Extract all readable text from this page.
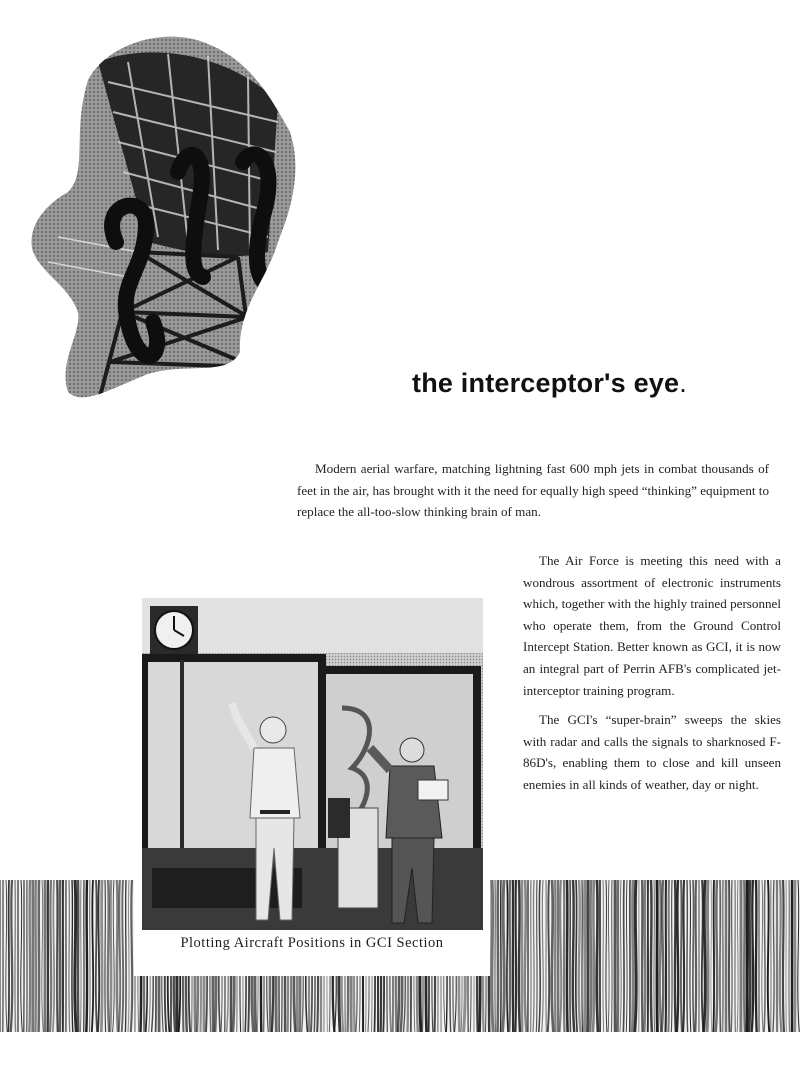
the interceptor's eye.

Modern aerial warfare, matching lightning fast 600 mph jets in combat thousands of feet in the air, has brought with it the need for equally high speed “thinking” equipment to replace the all-too-slow thinking brain of man.

The Air Force is meeting this need with a wondrous assortment of electronic instruments which, together with the highly trained personnel who operate them, from the Ground Control Intercept Station. Better known as GCI, it is now an integral part of Perrin AFB's complicated jet-interceptor training program.

The GCI's “super-brain” sweeps the skies with radar and calls the signals to sharknosed F-86D's, enabling them to close and kill unseen enemies in all kinds of weather, day or night.

Plotting Aircraft Positions in GCI Section
